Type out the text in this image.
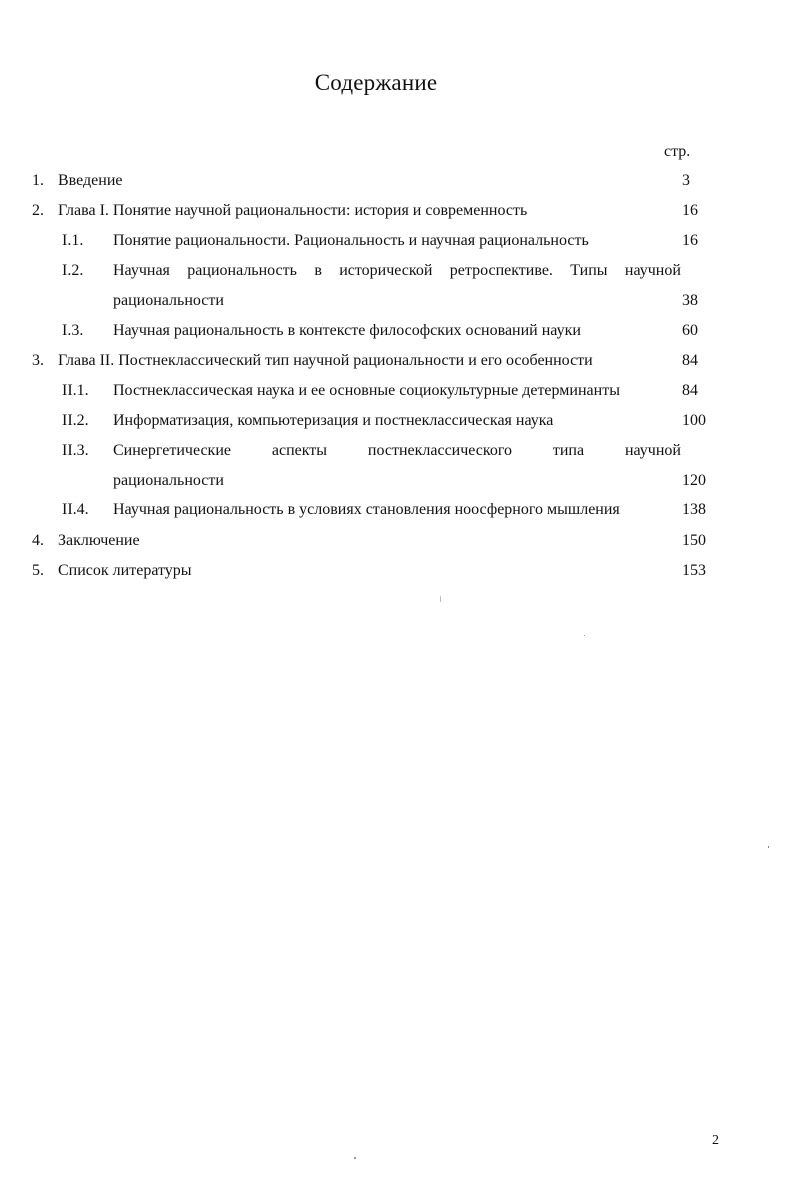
Содержание
стр.
1. Введение	3
2. Глава I. Понятие научной рациональности: история и современность	16
I.1. Понятие рациональности. Рациональность и научная рациональность	16
I.2. Научная рациональность в исторической ретроспективе. Типы научной
рациональности	38
I.3. Научная рациональность в контексте философских оснований науки	60
3. Глава II. Постнеклассический тип научной рациональности и его особенности	84
II.1. Постнеклассическая наука и ее основные социокультурные детерминанты	84
II.2. Информатизация, компьютеризация и постнеклассическая наука	100
II.3. Синергетические	аспекты	постнеклассического	типа	научной
рациональности	120
II.4. Научная рациональность в условиях становления ноосферного мышления	138
4. Заключение	150
5. Список литературы	153
2
